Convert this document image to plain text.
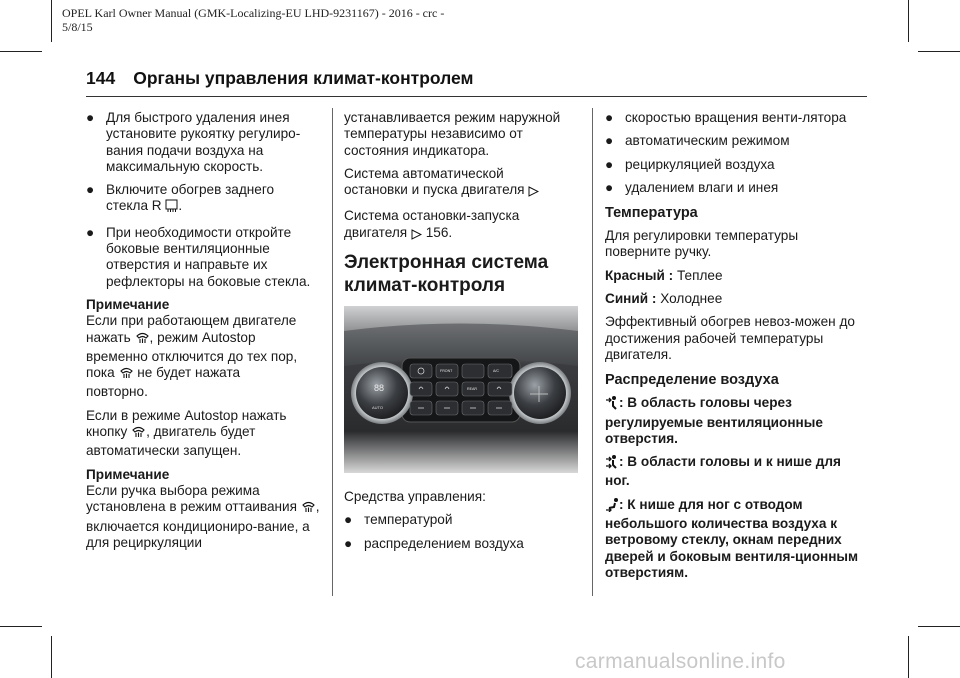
OPEL Karl Owner Manual (GMK-Localizing-EU LHD-9231167) - 2016 - crc -
5/8/15
144 Органы управления климат-контролем
● Для быстрого удаления инея установите рукоятку регулиро-вания подачи воздуха на максимальную скорость.
● Включите обогрев заднего
стекла R .
● При необходимости откройте боковые вентиляционные отверстия и направьте их рефлекторы на боковые стекла.
Примечание

Если при работающем двигателе
нажать , режим Autostop
временно отключится до тех пор,
пока не будет нажата
повторно.

Если в режиме Autostop нажать
кнопку , двигатель будет
автоматически запущен.

Примечание

Если ручка выбора режима установлена в режим оттаивания , включается кондициониро-вание, а для рециркуляции

устанавливается режим наружной температуры независимо от состояния индикатора.

Система автоматической
остановки и пуска двигателя

Система остановки-запуска двигателя 156.

Электронная система климат-контроля
88
AUTO
FRONT	A/C
REAR

Средства управления:

● температурой
● распределением воздуха
● скоростью вращения венти-лятора
● автоматическим режимом
● рециркуляцией воздуха
● удалением влаги и инея
Температура

Для регулировки температуры поверните ручку.

Красный : Теплее

Синий : Холоднее

Эффективный обогрев невоз-можен до достижения рабочей температуры двигателя.

Распределение воздуха

: В область головы через регулируемые вентиляционные отверстия.

: В области головы и к нише для ног.

: К нише для ног с отводом небольшого количества воздуха к ветровому стеклу, окнам передних дверей и боковым вентиля-ционным отверстиям.

carmanualsonline.info
